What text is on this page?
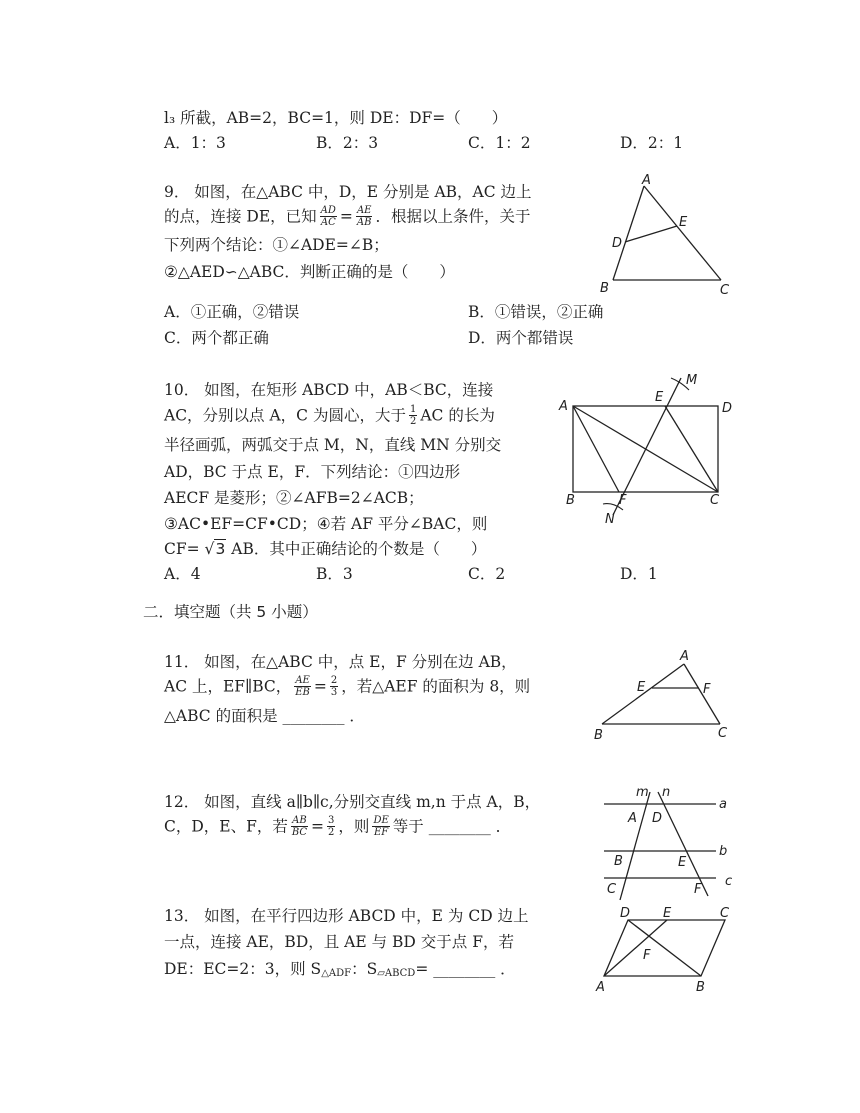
l₃ 所截，AB=2，BC=1，则 DE：DF=（　　）
A．1：3	B．2：3	C．1：2	D．2：1
9． 如图，在△ABC 中，D，E 分别是 AB，AC 边上
的点，连接 DE，已知 $\frac{AD}{AC} = \frac{AE}{AB}$ ．根据以上条件，关于
下列两个结论：①∠ADE=∠B；
②△AED∽△ABC．判断正确的是（　　）
A．①正确，②错误	B．①错误，②正确
C．两个都正确	D．两个都错误
A
B	C
D
E
10． 如图，在矩形 ABCD 中，AB＜BC，连接
AC，分别以点 A，C 为圆心，大于 $\frac{1}{2}$ AC 的长为
半径画弧，两弧交于点 M，N，直线 MN 分别交
AD，BC 于点 E，F．下列结论：①四边形
AECF 是菱形；②∠AFB=2∠ACB；
③AC•EF=CF•CD；④若 AF 平分∠BAC，则
CF= √3 AB．其中正确结论的个数是（　　）
A．4	B．3	C．2	D．1
M
N
A
E
D
B	F	C
二．填空题（共 5 小题）
11． 如图，在△ABC 中，点 E，F 分别在边 AB，
AC 上，EF∥BC， $\frac{AE}{EB} = \frac{2}{3}$ ，若△AEF 的面积为 8，则
△ABC 的面积是 ________ ．
A
E	F
B	C
12． 如图，直线 a∥b∥c,分别交直线 m,n 于点 A，B，
C，D，E、F，若 $\frac{AB}{BC} = \frac{3}{2}$ ，则 $\frac{DE}{EF}$ 等于 ________ ．
m n
a
b
c
A D
B	E
C	F
13． 如图，在平行四边形 ABCD 中，E 为 CD 边上
一点，连接 AE，BD，且 AE 与 BD 交于点 F，若
DE：EC=2：3，则 $S_{\triangle ADF}$：$S_{▱ABCD}=$ ________ ．
D	E	C
F
A	B
